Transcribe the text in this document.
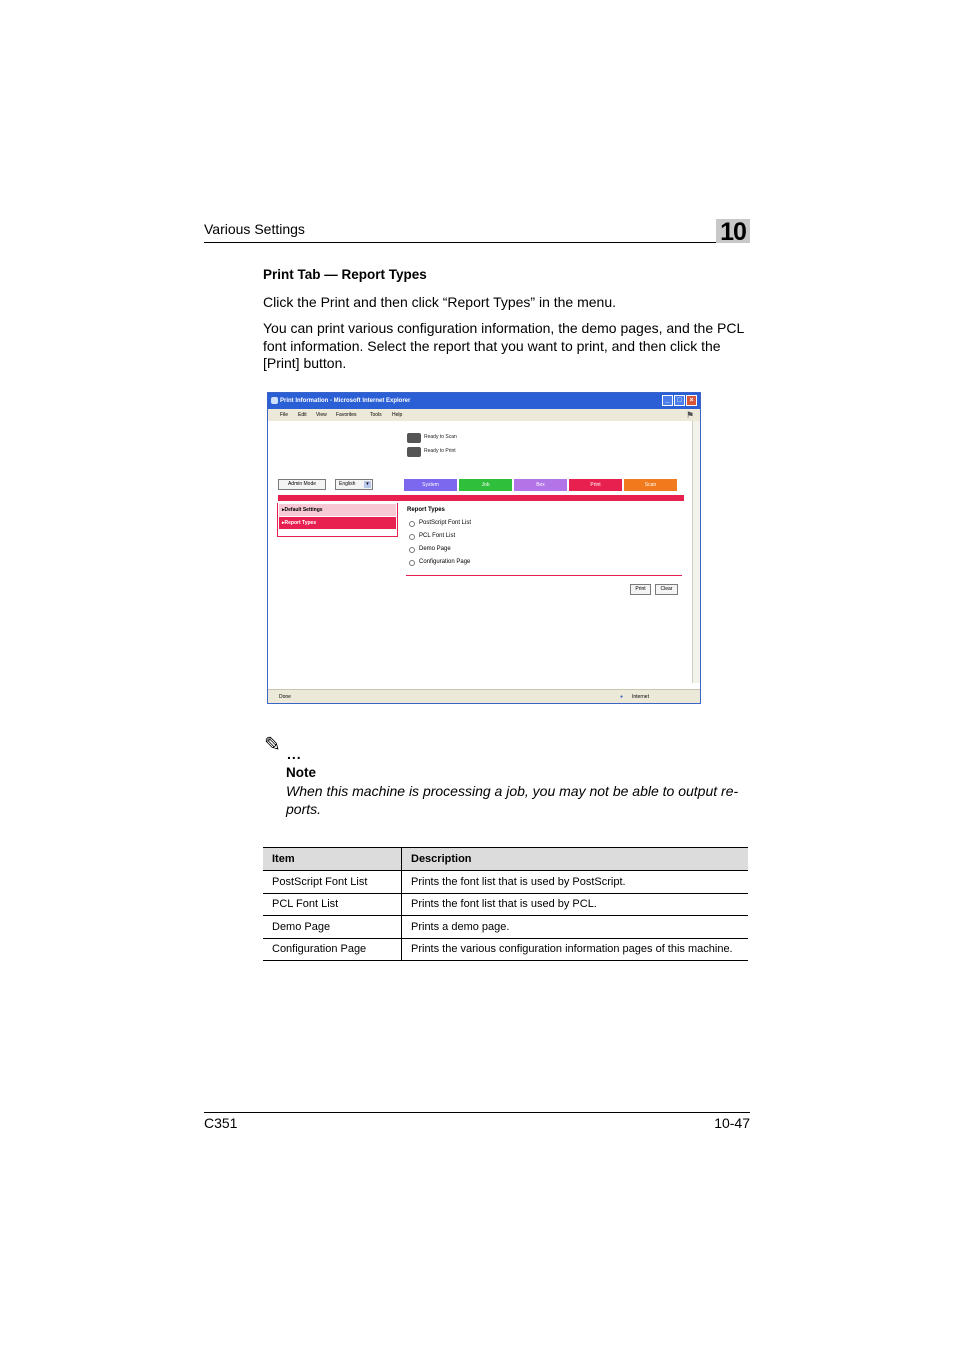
Various Settings	10
Print Tab — Report Types
Click the Print and then click “Report Types” in the menu.
You can print various configuration information, the demo pages, and the PCL font information. Select the report that you want to print, and then click the [Print] button.
Print Information - Microsoft Internet Explorer	_	□	×
File Edit View Favorites	Tools Help	⚑
Ready to Scan
Ready to Print
Admin Mode	English	▾	System	Job	Box	Print	Scan
▸Default Settings
▸Report Types
Report Types
PostScript Font List
PCL Font List
Demo Page
Configuration Page
Print	Clear
Done	● Internet
✎ ...
Note
When this machine is processing a job, you may not be able to output re- ports.
Item	Description
PostScript Font List	Prints the font list that is used by PostScript.
PCL Font List	Prints the font list that is used by PCL.
Demo Page	Prints a demo page.
Configuration Page	Prints the various configuration information pages of this machine.
C351	10-47
